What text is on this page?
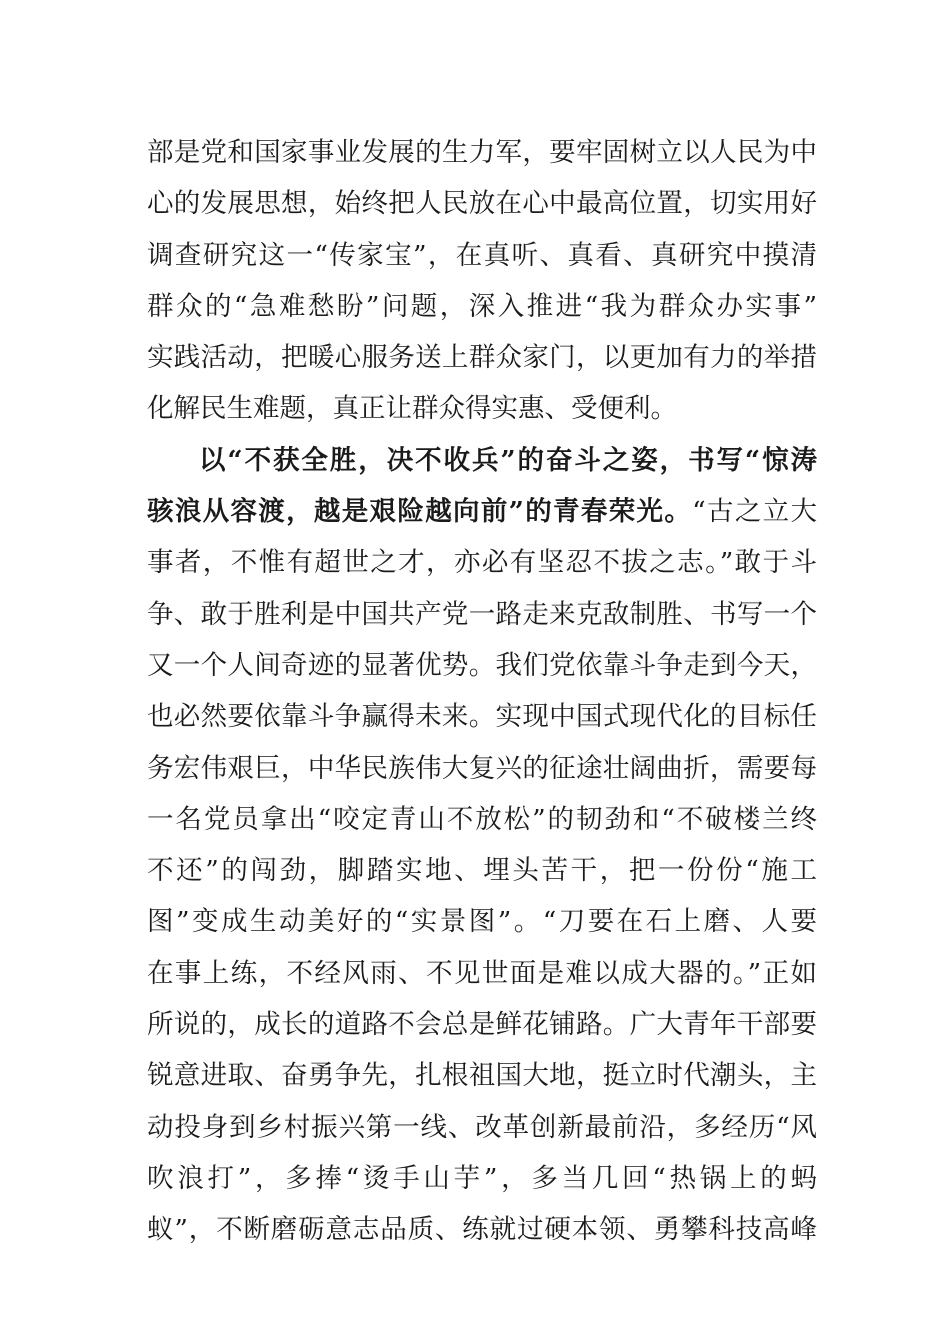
部是党和国家事业发展的生力军，要牢固树立以人民为中
心的发展思想，始终把人民放在心中最高位置，切实用好
调查研究这一“传家宝”，在真听、真看、真研究中摸清
群众的“急难愁盼”问题，深入推进“我为群众办实事”
实践活动，把暖心服务送上群众家门，以更加有力的举措
化解民生难题，真正让群众得实惠、受便利。
以“不获全胜，决不收兵”的奋斗之姿，书写“惊涛
骇浪从容渡，越是艰险越向前”的青春荣光。“古之立大
事者，不惟有超世之才，亦必有坚忍不拔之志。”敢于斗
争、敢于胜利是中国共产党一路走来克敌制胜、书写一个
又一个人间奇迹的显著优势。我们党依靠斗争走到今天，
也必然要依靠斗争赢得未来。实现中国式现代化的目标任
务宏伟艰巨，中华民族伟大复兴的征途壮阔曲折，需要每
一名党员拿出“咬定青山不放松”的韧劲和“不破楼兰终
不还”的闯劲，脚踏实地、埋头苦干，把一份份“施工
图”变成生动美好的“实景图”。“刀要在石上磨、人要
在事上练，不经风雨、不见世面是难以成大器的。”正如
所说的，成长的道路不会总是鲜花铺路。广大青年干部要
锐意进取、奋勇争先，扎根祖国大地，挺立时代潮头，主
动投身到乡村振兴第一线、改革创新最前沿，多经历“风
吹浪打”，多捧“烫手山芋”，多当几回“热锅上的蚂
蚁”，不断磨砺意志品质、练就过硬本领、勇攀科技高峰
